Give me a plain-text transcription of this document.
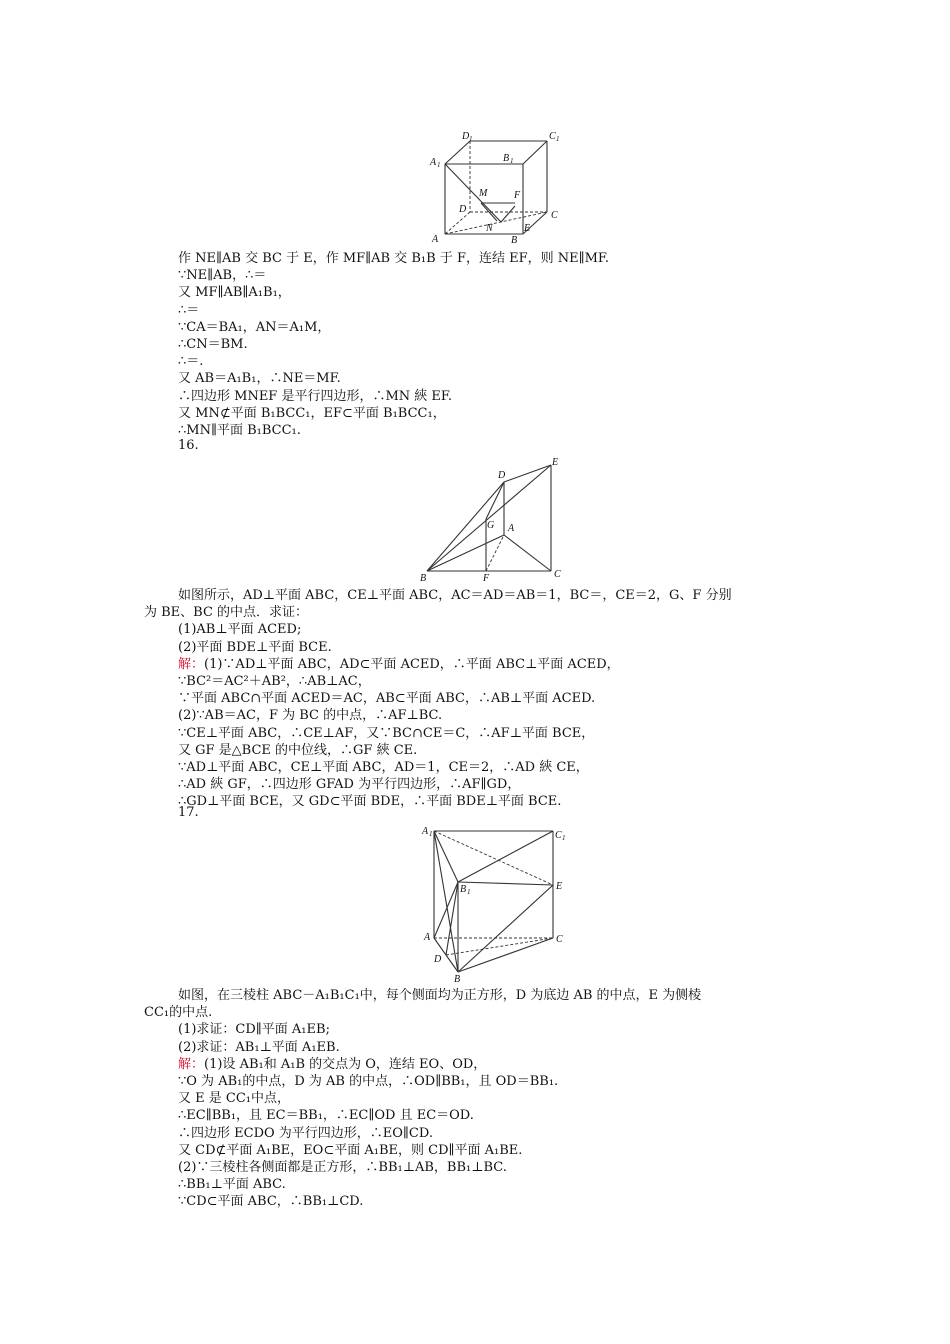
D 1	C 1
A 1
B 1
M	F
D
C
A
N	E
B
作 NE∥AB 交 BC 于 E，作 MF∥AB 交 B₁B 于 F，连结 EF，则 NE∥MF.
∵NE∥AB，∴＝
又 MF∥AB∥A₁B₁，
∴＝
∵CA＝BA₁，AN＝A₁M，
∴CN＝BM.
∴＝.
又 AB＝A₁B₁，∴NE＝MF.
∴四边形 MNEF 是平行四边形，∴MN 綊 EF.
又 MN⊄平面 B₁BCC₁，EF⊂平面 B₁BCC₁，
∴MN∥平面 B₁BCC₁.
16.
D
E
G A
B	F	C
如图所示，AD⊥平面 ABC，CE⊥平面 ABC，AC＝AD＝AB＝1，BC＝，CE＝2，G、F 分别
为 BE、BC 的中点．求证：
(1)AB⊥平面 ACED;
(2)平面 BDE⊥平面 BCE.
解：(1)∵AD⊥平面 ABC，AD⊂平面 ACED，∴平面 ABC⊥平面 ACED，
∵BC²＝AC²＋AB²，∴AB⊥AC，
∵平面 ABC∩平面 ACED＝AC，AB⊂平面 ABC，∴AB⊥平面 ACED.
(2)∵AB＝AC，F 为 BC 的中点，∴AF⊥BC.
∵CE⊥平面 ABC，∴CE⊥AF，又∵BC∩CE＝C，∴AF⊥平面 BCE，
又 GF 是△BCE 的中位线，∴GF 綊 CE.
∵AD⊥平面 ABC，CE⊥平面 ABC，AD＝1，CE＝2，∴AD 綊 CE，
∴AD 綊 GF，∴四边形 GFAD 为平行四边形，∴AF∥GD，
∴GD⊥平面 BCE，又 GD⊂平面 BDE，∴平面 BDE⊥平面 BCE.
17.
A 1	C 1
B 1	E
A	C
D
B
如图，在三棱柱 ABC－A₁B₁C₁中，每个侧面均为正方形，D 为底边 AB 的中点，E 为侧棱
CC₁的中点.
(1)求证：CD∥平面 A₁EB;
(2)求证：AB₁⊥平面 A₁EB.
解：(1)设 AB₁和 A₁B 的交点为 O，连结 EO、OD，
∵O 为 AB₁的中点，D 为 AB 的中点，∴OD∥BB₁，且 OD＝BB₁.
又 E 是 CC₁中点，
∴EC∥BB₁，且 EC＝BB₁，∴EC∥OD 且 EC＝OD.
∴四边形 ECDO 为平行四边形，∴EO∥CD.
又 CD⊄平面 A₁BE，EO⊂平面 A₁BE，则 CD∥平面 A₁BE.
(2)∵三棱柱各侧面都是正方形，∴BB₁⊥AB，BB₁⊥BC.
∴BB₁⊥平面 ABC.
∵CD⊂平面 ABC，∴BB₁⊥CD.
